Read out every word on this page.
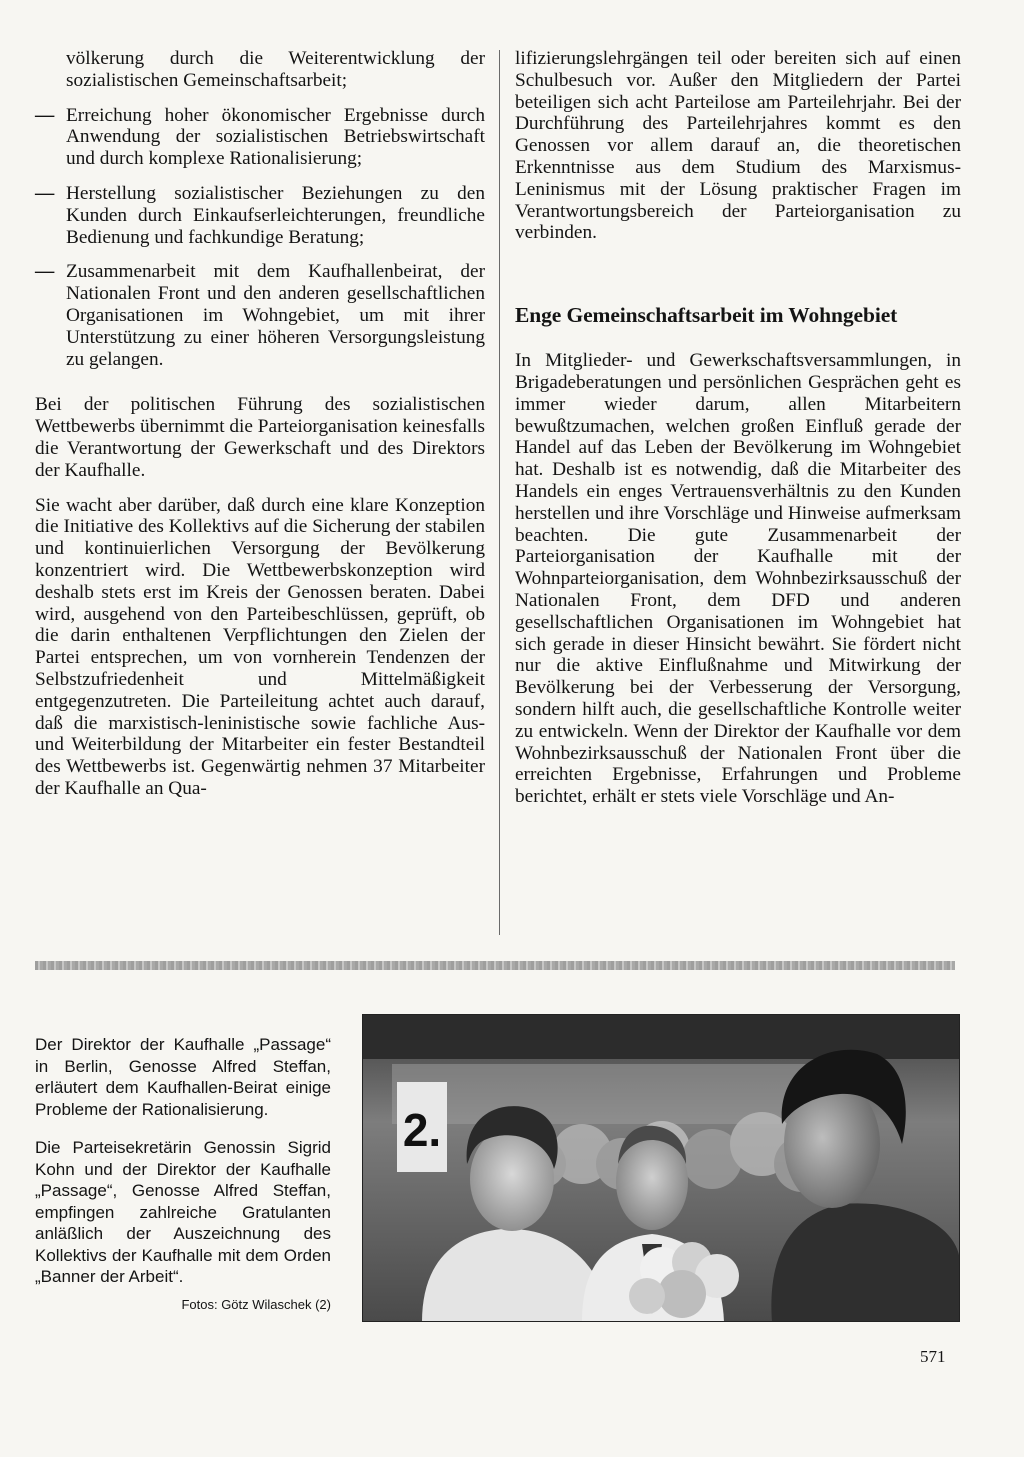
völkerung durch die Weiterentwicklung der sozialistischen Gemeinschaftsarbeit;

— Erreichung hoher ökonomischer Ergebnisse durch Anwendung der sozialistischen Betriebswirtschaft und durch komplexe Rationalisierung;

— Herstellung sozialistischer Beziehungen zu den Kunden durch Einkaufserleichterungen, freundliche Bedienung und fachkundige Beratung;

— Zusammenarbeit mit dem Kaufhallenbeirat, der Nationalen Front und den anderen gesellschaftlichen Organisationen im Wohngebiet, um mit ihrer Unterstützung zu einer höheren Versorgungsleistung zu gelangen.

Bei der politischen Führung des sozialistischen Wettbewerbs übernimmt die Parteiorganisation keinesfalls die Verantwortung der Gewerkschaft und des Direktors der Kaufhalle.

Sie wacht aber darüber, daß durch eine klare Konzeption die Initiative des Kollektivs auf die Sicherung der stabilen und kontinuierlichen Versorgung der Bevölkerung konzentriert wird. Die Wettbewerbskonzeption wird deshalb stets erst im Kreis der Genossen beraten. Dabei wird, ausgehend von den Parteibeschlüssen, geprüft, ob die darin enthaltenen Verpflichtungen den Zielen der Partei entsprechen, um von vornherein Tendenzen der Selbstzufriedenheit und Mittelmäßigkeit entgegenzutreten. Die Parteileitung achtet auch darauf, daß die marxistisch-leninistische sowie fachliche Aus- und Weiterbildung der Mitarbeiter ein fester Bestandteil des Wettbewerbs ist. Gegenwärtig nehmen 37 Mitarbeiter der Kaufhalle an Qua-

lifizierungslehrgängen teil oder bereiten sich auf einen Schulbesuch vor. Außer den Mitgliedern der Partei beteiligen sich acht Parteilose am Parteilehrjahr. Bei der Durchführung des Parteilehrjahres kommt es den Genossen vor allem darauf an, die theoretischen Erkenntnisse aus dem Studium des Marxismus-Leninismus mit der Lösung praktischer Fragen im Verantwortungsbereich der Parteiorganisation zu verbinden.

Enge Gemeinschaftsarbeit im Wohngebiet

In Mitglieder- und Gewerkschaftsversammlungen, in Brigadeberatungen und persönlichen Gesprächen geht es immer wieder darum, allen Mitarbeitern bewußtzumachen, welchen großen Einfluß gerade der Handel auf das Leben der Bevölkerung im Wohngebiet hat. Deshalb ist es notwendig, daß die Mitarbeiter des Handels ein enges Vertrauensverhältnis zu den Kunden herstellen und ihre Vorschläge und Hinweise aufmerksam beachten. Die gute Zusammenarbeit der Parteiorganisation der Kaufhalle mit der Wohnparteiorganisation, dem Wohnbezirksausschuß der Nationalen Front, dem DFD und anderen gesellschaftlichen Organisationen im Wohngebiet hat sich gerade in dieser Hinsicht bewährt. Sie fördert nicht nur die aktive Einflußnahme und Mitwirkung der Bevölkerung bei der Verbesserung der Versorgung, sondern hilft auch, die gesellschaftliche Kontrolle weiter zu entwickeln. Wenn der Direktor der Kaufhalle vor dem Wohnbezirksausschuß der Nationalen Front über die erreichten Ergebnisse, Erfahrungen und Probleme berichtet, erhält er stets viele Vorschläge und An-

Der Direktor der Kaufhalle „Passage“ in Berlin, Genosse Alfred Steffan, erläutert dem Kaufhallen-Beirat einige Probleme der Rationalisierung.

Die Parteisekretärin Genossin Sigrid Kohn und der Direktor der Kaufhalle „Passage“, Genosse Alfred Steffan, empfingen zahlreiche Gratulanten anläßlich der Auszeichnung des Kollektivs der Kaufhalle mit dem Orden „Banner der Arbeit“.

Fotos: Götz Wilaschek (2)
2.
571
